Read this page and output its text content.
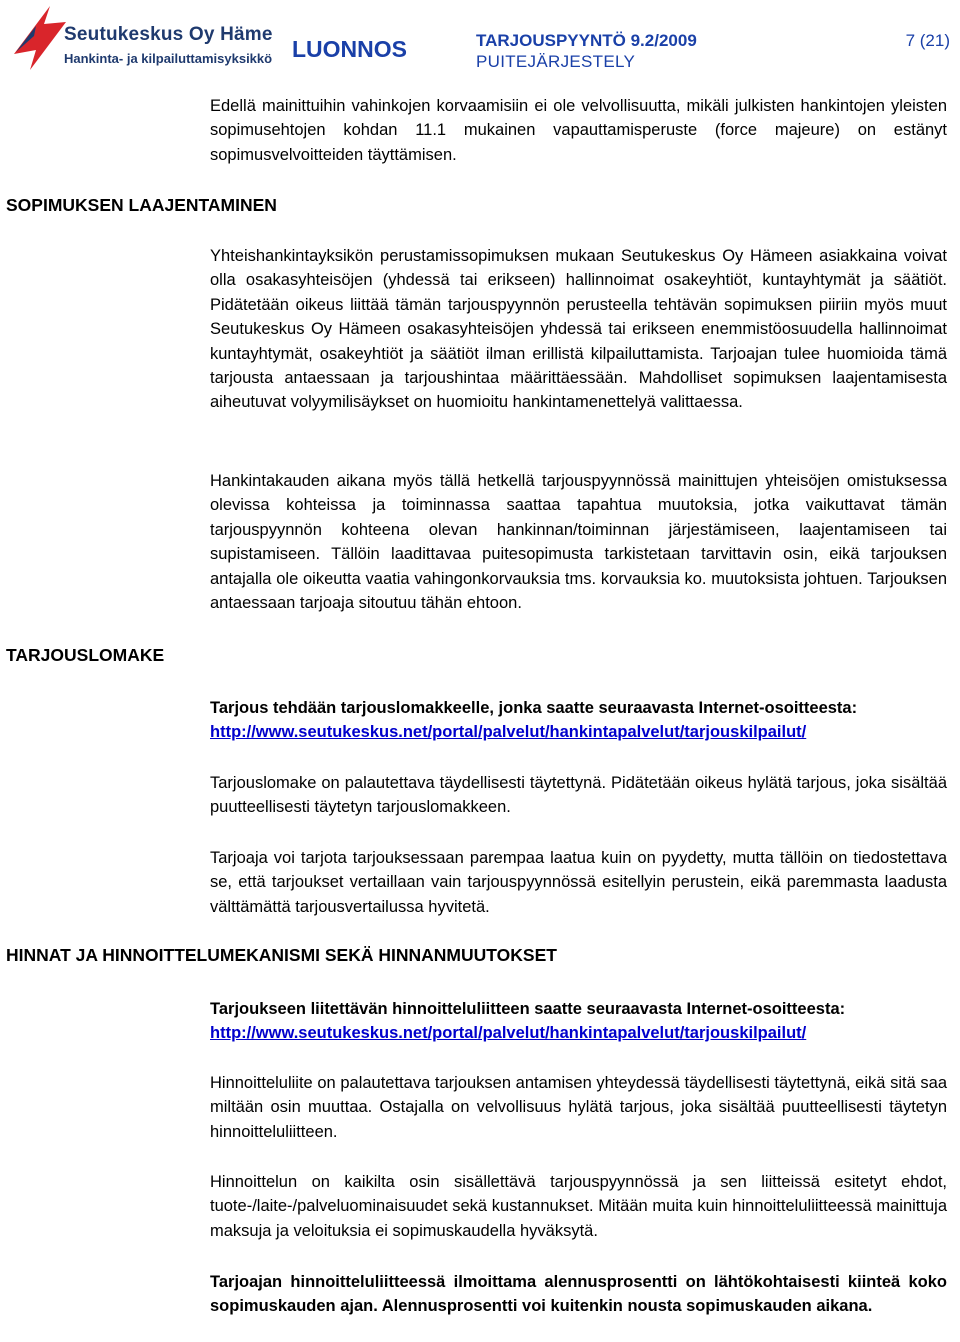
Seutukeskus Oy Häme
Hankinta- ja kilpailuttamisyksikkö LUONNOS	TARJOUSPYYNTÖ 9.2/2009
PUITEJÄRJESTELY
7 (21)

Edellä mainittuihin vahinkojen korvaamisiin ei ole velvollisuutta, mikäli julkisten hankintojen yleisten sopimusehtojen kohdan 11.1 mukainen vapauttamisperuste (force majeure) on estänyt sopimusvelvoitteiden täyttämisen.

SOPIMUKSEN LAAJENTAMINEN

Yhteishankintayksikön perustamissopimuksen mukaan Seutukeskus Oy Hämeen asiakkaina voivat olla osakasyhteisöjen (yhdessä tai erikseen) hallinnoimat osakeyhtiöt, kuntayhtymät ja säätiöt. Pidätetään oikeus liittää tämän tarjouspyynnön perusteella tehtävän sopimuksen piiriin myös muut Seutukeskus Oy Hämeen osakasyhteisöjen yhdessä tai erikseen enemmistöosuudella hallinnoimat kuntayhtymät, osakeyhtiöt ja säätiöt ilman erillistä kilpailuttamista. Tarjoajan tulee huomioida tämä tarjousta antaessaan ja tarjoushintaa määrittäessään. Mahdolliset sopimuksen laajentamisesta aiheutuvat volyymilisäykset on huomioitu hankintamenettelyä valittaessa.

Hankintakauden aikana myös tällä hetkellä tarjouspyynnössä mainittujen yhteisöjen omistuksessa olevissa kohteissa ja toiminnassa saattaa tapahtua muutoksia, jotka vaikuttavat tämän tarjouspyynnön kohteena olevan hankinnan/toiminnan järjestämiseen, laajentamiseen tai supistamiseen. Tällöin laadittavaa puitesopimusta tarkistetaan tarvittavin osin, eikä tarjouksen antajalla ole oikeutta vaatia vahingonkorvauksia tms. korvauksia ko. muutoksista johtuen. Tarjouksen antaessaan tarjoaja sitoutuu tähän ehtoon.

TARJOUSLOMAKE
Tarjous tehdään tarjouslomakkeelle, jonka saatte seuraavasta Internet-osoitteesta:
http://www.seutukeskus.net/portal/palvelut/hankintapalvelut/tarjouskilpailut/

Tarjouslomake on palautettava täydellisesti täytettynä. Pidätetään oikeus hylätä tarjous, joka sisältää puutteellisesti täytetyn tarjouslomakkeen.

Tarjoaja voi tarjota tarjouksessaan parempaa laatua kuin on pyydetty, mutta tällöin on tiedostettava se, että tarjoukset vertaillaan vain tarjouspyynnössä esitellyin perustein, eikä paremmasta laadusta välttämättä tarjousvertailussa hyvitetä.

HINNAT JA HINNOITTELUMEKANISMI SEKÄ HINNANMUUTOKSET
Tarjoukseen liitettävän hinnoitteluliitteen saatte seuraavasta Internet-osoitteesta:
http://www.seutukeskus.net/portal/palvelut/hankintapalvelut/tarjouskilpailut/

Hinnoitteluliite on palautettava tarjouksen antamisen yhteydessä täydellisesti täytettynä, eikä sitä saa miltään osin muuttaa. Ostajalla on velvollisuus hylätä tarjous, joka sisältää puutteellisesti täytetyn hinnoitteluliitteen.

Hinnoittelun on kaikilta osin sisällettävä tarjouspyynnössä ja sen liitteissä esitetyt ehdot, tuote-/laite-/palveluominaisuudet sekä kustannukset. Mitään muita kuin hinnoitteluliitteessä mainittuja maksuja ja veloituksia ei sopimuskaudella hyväksytä.

Tarjoajan hinnoitteluliitteessä ilmoittama alennusprosentti on lähtökohtaisesti kiinteä koko sopimuskauden ajan. Alennusprosentti voi kuitenkin nousta sopimuskauden aikana.
